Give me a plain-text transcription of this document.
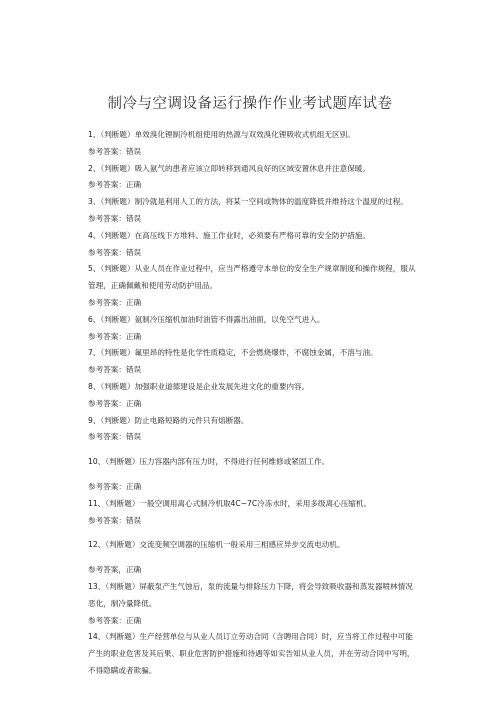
制冷与空调设备运行操作作业考试题库试卷

1、（判断题）单效溴化锂制冷机组使用的热源与双效溴化锂吸收式机组无区别。

参考答案：错误

2、（判断题）吸入氨气的患者应该立即转移到通风良好的区域安置休息并注意保暖。

参考答案：正确

3、（判断题）制冷就是利用人工的方法，将某一空间或物体的温度降低并维持这个温度的过程。

参考答案：错误

4、（判断题）在高压线下方堆料、施工作业时，必须要有严格可靠的安全防护措施。

参考答案：错误

5、（判断题）从业人员在作业过程中，应当严格遵守本单位的安全生产规章制度和操作规程，服从管理，正确佩戴和使用劳动防护用品。

参考答案：正确

6、（判断题）氨制冷压缩机加油时油管不得露出油面，以免空气进入。

参考答案：正确

7、（判断题）氟里昂的特性是化学性质稳定，不会燃烧爆炸，不腐蚀金属，不溶与油。

参考答案：错误

8、（判断题）加强职业道德建设是企业发展先进文化的重要内容。

参考答案：正确

9、（判断题）防止电路短路的元件只有熔断器。

参考答案：错误

10、（判断题）压力容器内部有压力时，不得进行任何维修或紧固工作。

参考答案：正确

11、（判断题）一般空调用离心式制冷机取4C~7C冷冻水时，采用多级离心压缩机。

参考答案：错误

12、（判断题）交流变频空调器的压缩机一般采用三相感应异步交流电动机。

参考答案，正确

13、（判断题）屏蔽泵产生气蚀后，泵的流量与排除压力下降，将会导致吸收器和蒸发器喷林情况恶化，制冷量降低。

参考答案：正确

14、（判断题）生产经营单位与从业人员订立劳动合同（含聘用合同）时，应当将工作过程中可能产生的职业危害及其后果、职业危害防护措施和待遇等如实告知从业人员，并在劳动合同中写明，不得隐瞒或者欺骗。
